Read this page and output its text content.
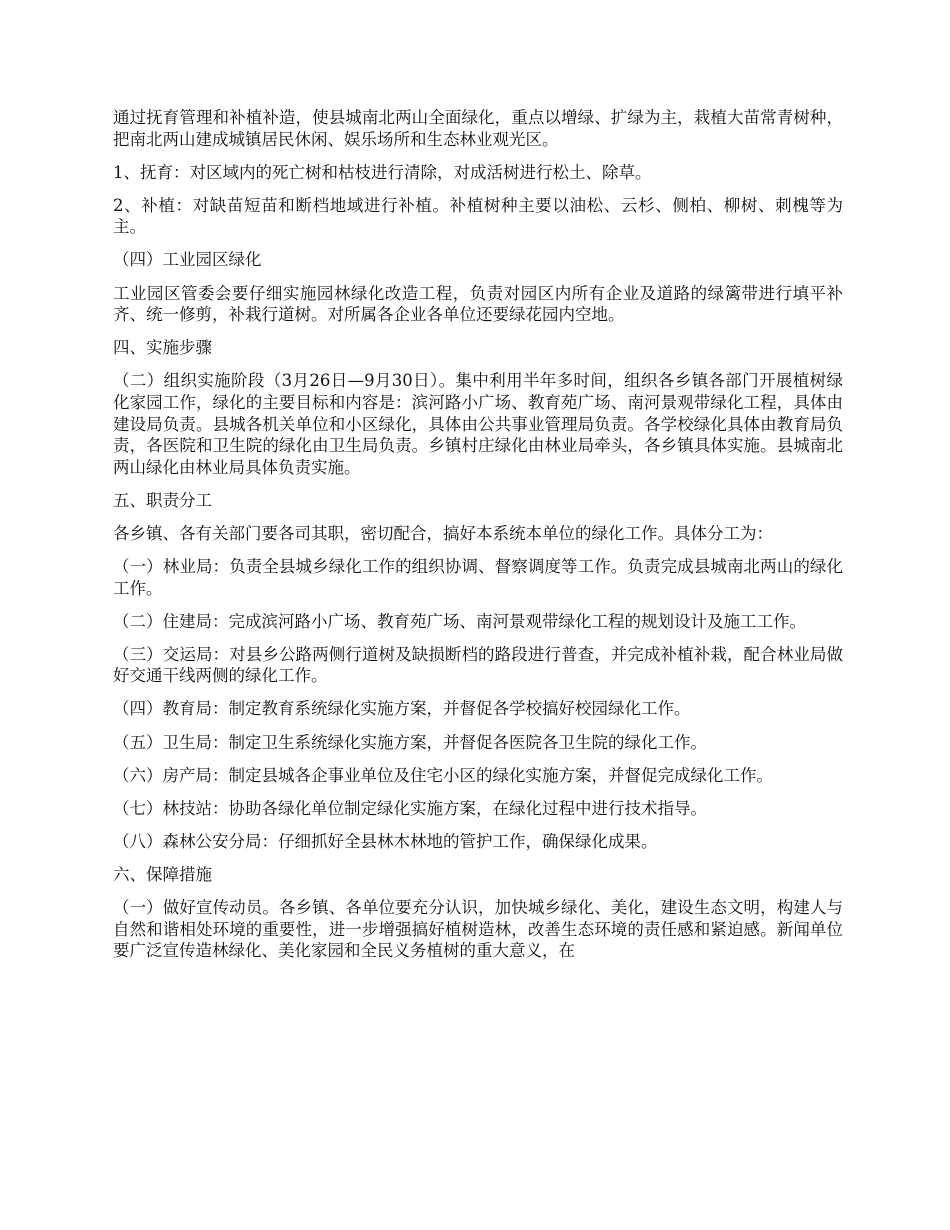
通过抚育管理和补植补造，使县城南北两山全面绿化，重点以增绿、扩绿为主，栽植大苗常青树种，把南北两山建成城镇居民休闲、娱乐场所和生态林业观光区。

1、抚育：对区域内的死亡树和枯枝进行清除，对成活树进行松土、除草。

2、补植：对缺苗短苗和断档地域进行补植。补植树种主要以油松、云杉、侧柏、柳树、刺槐等为主。

（四）工业园区绿化

工业园区管委会要仔细实施园林绿化改造工程，负责对园区内所有企业及道路的绿篱带进行填平补齐、统一修剪，补栽行道树。对所属各企业各单位还要绿花园内空地。

四、实施步骤

（二）组织实施阶段（3月26日—9月30日）。集中利用半年多时间，组织各乡镇各部门开展植树绿化家园工作，绿化的主要目标和内容是：滨河路小广场、教育苑广场、南河景观带绿化工程，具体由建设局负责。县城各机关单位和小区绿化，具体由公共事业管理局负责。各学校绿化具体由教育局负责，各医院和卫生院的绿化由卫生局负责。乡镇村庄绿化由林业局牵头，各乡镇具体实施。县城南北两山绿化由林业局具体负责实施。

五、职责分工

各乡镇、各有关部门要各司其职，密切配合，搞好本系统本单位的绿化工作。具体分工为：

（一）林业局：负责全县城乡绿化工作的组织协调、督察调度等工作。负责完成县城南北两山的绿化工作。

（二）住建局：完成滨河路小广场、教育苑广场、南河景观带绿化工程的规划设计及施工工作。

（三）交运局：对县乡公路两侧行道树及缺损断档的路段进行普查，并完成补植补栽，配合林业局做好交通干线两侧的绿化工作。

（四）教育局：制定教育系统绿化实施方案，并督促各学校搞好校园绿化工作。

（五）卫生局：制定卫生系统绿化实施方案，并督促各医院各卫生院的绿化工作。

（六）房产局：制定县城各企事业单位及住宅小区的绿化实施方案，并督促完成绿化工作。

（七）林技站：协助各绿化单位制定绿化实施方案，在绿化过程中进行技术指导。

（八）森林公安分局：仔细抓好全县林木林地的管护工作，确保绿化成果。

六、保障措施

（一）做好宣传动员。各乡镇、各单位要充分认识，加快城乡绿化、美化，建设生态文明，构建人与自然和谐相处环境的重要性，进一步增强搞好植树造林，改善生态环境的责任感和紧迫感。新闻单位要广泛宣传造林绿化、美化家园和全民义务植树的重大意义，在
